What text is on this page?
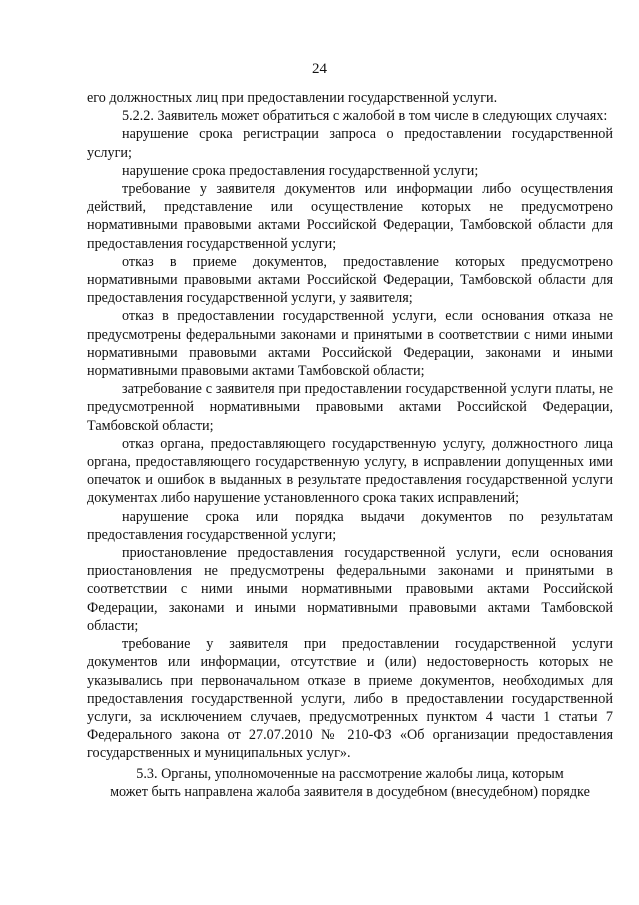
24

его должностных лиц при предоставлении государственной услуги.

5.2.2. Заявитель может обратиться с жалобой в том числе в следующих случаях:

нарушение срока регистрации запроса о предоставлении государственной услуги;

нарушение срока предоставления государственной услуги;

требование у заявителя документов или информации либо осуществления действий, представление или осуществление которых не предусмотрено нормативными правовыми актами Российской Федерации, Тамбовской области для предоставления государственной услуги;

отказ в приеме документов, предоставление которых предусмотрено нормативными правовыми актами Российской Федерации, Тамбовской области для предоставления государственной услуги, у заявителя;

отказ в предоставлении государственной услуги, если основания отказа не предусмотрены федеральными законами и принятыми в соответствии с ними иными нормативными правовыми актами Российской Федерации, законами и иными нормативными правовыми актами Тамбовской области;

затребование с заявителя при предоставлении государственной услуги платы, не предусмотренной нормативными правовыми актами Российской Федерации, Тамбовской области;

отказ органа, предоставляющего государственную услугу, должностного лица органа, предоставляющего государственную услугу, в исправлении допущенных ими опечаток и ошибок в выданных в результате предоставления государственной услуги документах либо нарушение установленного срока таких исправлений;

нарушение срока или порядка выдачи документов по результатам предоставления государственной услуги;

приостановление предоставления государственной услуги, если основания приостановления не предусмотрены федеральными законами и принятыми в соответствии с ними иными нормативными правовыми актами Российской Федерации, законами и иными нормативными правовыми актами Тамбовской области;

требование у заявителя при предоставлении государственной услуги документов или информации, отсутствие и (или) недостоверность которых не указывались при первоначальном отказе в приеме документов, необходимых для предоставления государственной услуги, либо в предоставлении государственной услуги, за исключением случаев, предусмотренных пунктом 4 части 1 статьи 7 Федерального закона от 27.07.2010 № 210-ФЗ «Об организации предоставления государственных и муниципальных услуг».

5.3. Органы, уполномоченные на рассмотрение жалобы лица, которым

может быть направлена жалоба заявителя в досудебном (внесудебном) порядке
